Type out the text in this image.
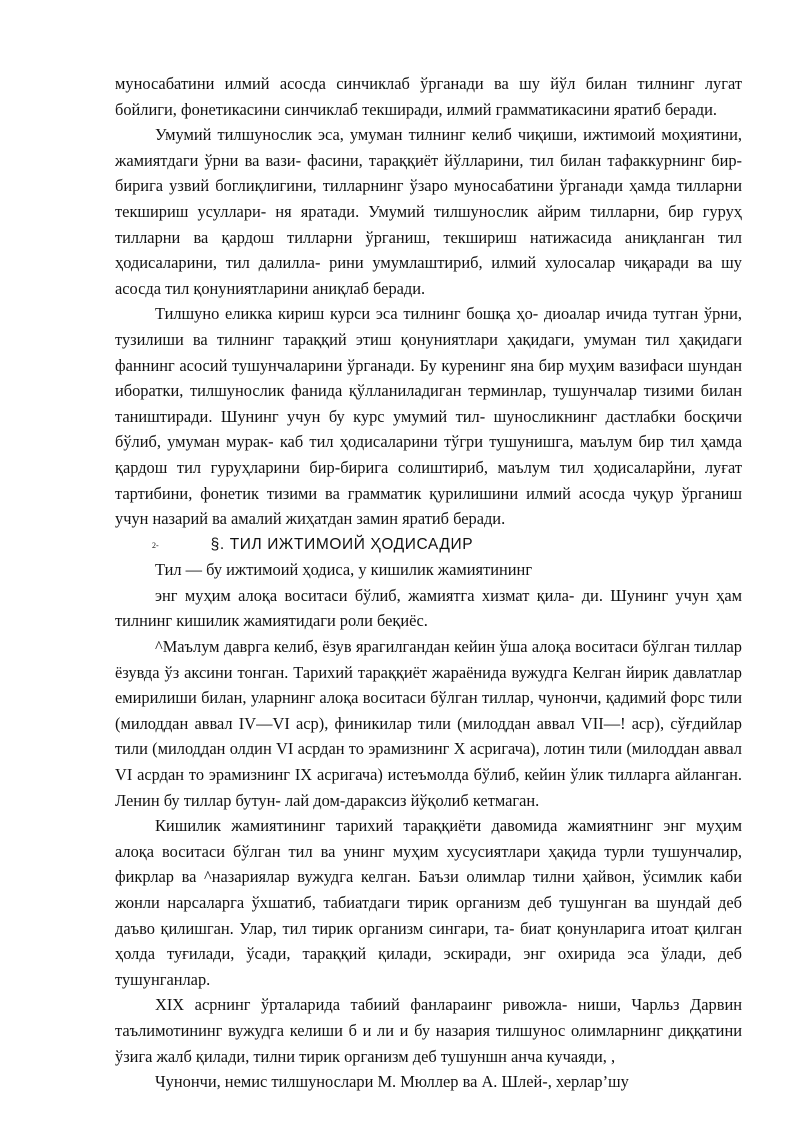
муносабатини илмий асосда синчиклаб ўрганади ва шу йўл билан тилнинг лугат бойлиги, фонетикасини синчиклаб текширади, илмий грамматикасини яратиб беради.

Умумий тилшунослик эса, умуман тилнинг келиб чиқиши, ижтимоий моҳиятини, жамиятдаги ўрни ва вази- фасини, тараққиёт йўлларини, тил билан тафаккурнинг бир-бирига узвий боглиқлигини, тилларнинг ўзаро муносабатини ўрганади ҳамда тилларни текшириш усуллари- ня яратади. Умумий тилшунослик айрим тилларни, бир гуруҳ тилларни ва қардош тилларни ўрганиш, текшириш натижасида аниқланган тил ҳодисаларини, тил далилла- рини умумлаштириб, илмий хулосалар чиқаради ва шу асосда тил қонуниятларини аниқлаб беради.

Тилшуно еликка кириш курси эса тилнинг бошқа ҳо- диоалар ичида тутган ўрни, тузилиши ва тилнинг тараққий этиш қонуниятлари ҳақидаги, умуман тил ҳақидаги фаннинг асосий тушунчаларини ўрганади. Бу куренинг яна бир муҳим вазифаси шундан иборатки, тилшунослик фанида қўлланиладиган терминлар, тушунчалар тизими билан таништиради. Шунинг учун бу курс умумий тил- шуносликнинг дастлабки босқичи бўлиб, умуман мурак- каб тил ҳодисаларини тўгри тушунишга, маълум бир тил ҳамда қардош тил гуруҳларини бир-бирига солиштириб, маълум тил ҳодисаларйни, луғат тартибини, фонетик тизими ва грамматик қурилишини илмий асосда чуқур ўрганиш учун назарий ва амалий жиҳатдан замин яратиб беради.

2-	§. ТИЛ ИЖТИМОИЙ ҲОДИСАДИР

Тил — бу ижтимоий ҳодиса, у кишилик жамиятининг

энг муҳим алоқа воситаси бўлиб, жамиятга хизмат қила- ди. Шунинг учун ҳам тилнинг кишилик жамиятидаги роли беқиёс.

^Маълум даврга келиб, ёзув ярагилгандан кейин ўша алоқа воситаси бўлган тиллар ёзувда ўз аксини тонган. Тарихий тараққиёт жараёнида вужудга Келган йирик давлатлар емирилиши билан, уларнинг алоқа воситаси бўлган тиллар, чунончи, қадимий форс тили (милоддан аввал IV—VI аср), финикилар тили (милоддан аввал VII—! аср), сўғдийлар тили (милоддан олдин VI асрдан то эрамизнинг X асригача), лотин тили (милоддан аввал VI асрдан то эрамизнинг IX асригача) истеъмолда бўлиб, кейин ўлик тилларга айланган. Ленин бу тиллар бутун- лай дом-дараксиз йўқолиб кетмаган.

Кишилик жамиятининг тарихий тараққиёти давомида жамиятнинг энг муҳим алоқа воситаси бўлган тил ва унинг муҳим хусусиятлари ҳақида турли тушунчалир, фикрлар ва ^назариялар вужудга келган. Баъзи олимлар тилни ҳайвон, ўсимлик каби жонли нарсаларга ўхшатиб, табиатдаги тирик организм деб тушунган ва шундай деб даъво қилишган. Улар, тил тирик организм сингари, та- биат қонунларига итоат қилган ҳолда туғилади, ўсади, тараққий қилади, эскиради, энг охирида эса ўлади, деб тушунганлар.

XIX асрнинг ўрталарида табиий фанлараинг ривожла- ниши, Чарльз Дарвин таълимотининг вужудга келиши б и ли и бу назария тилшунос олимларнинг диққатини ўзига жалб қилади, тилни тирик организм деб тушуншн анча кучаяди, ,

Чунончи, немис тилшунослари М. Мюллер ва А. Шлей-, херлар’шу
